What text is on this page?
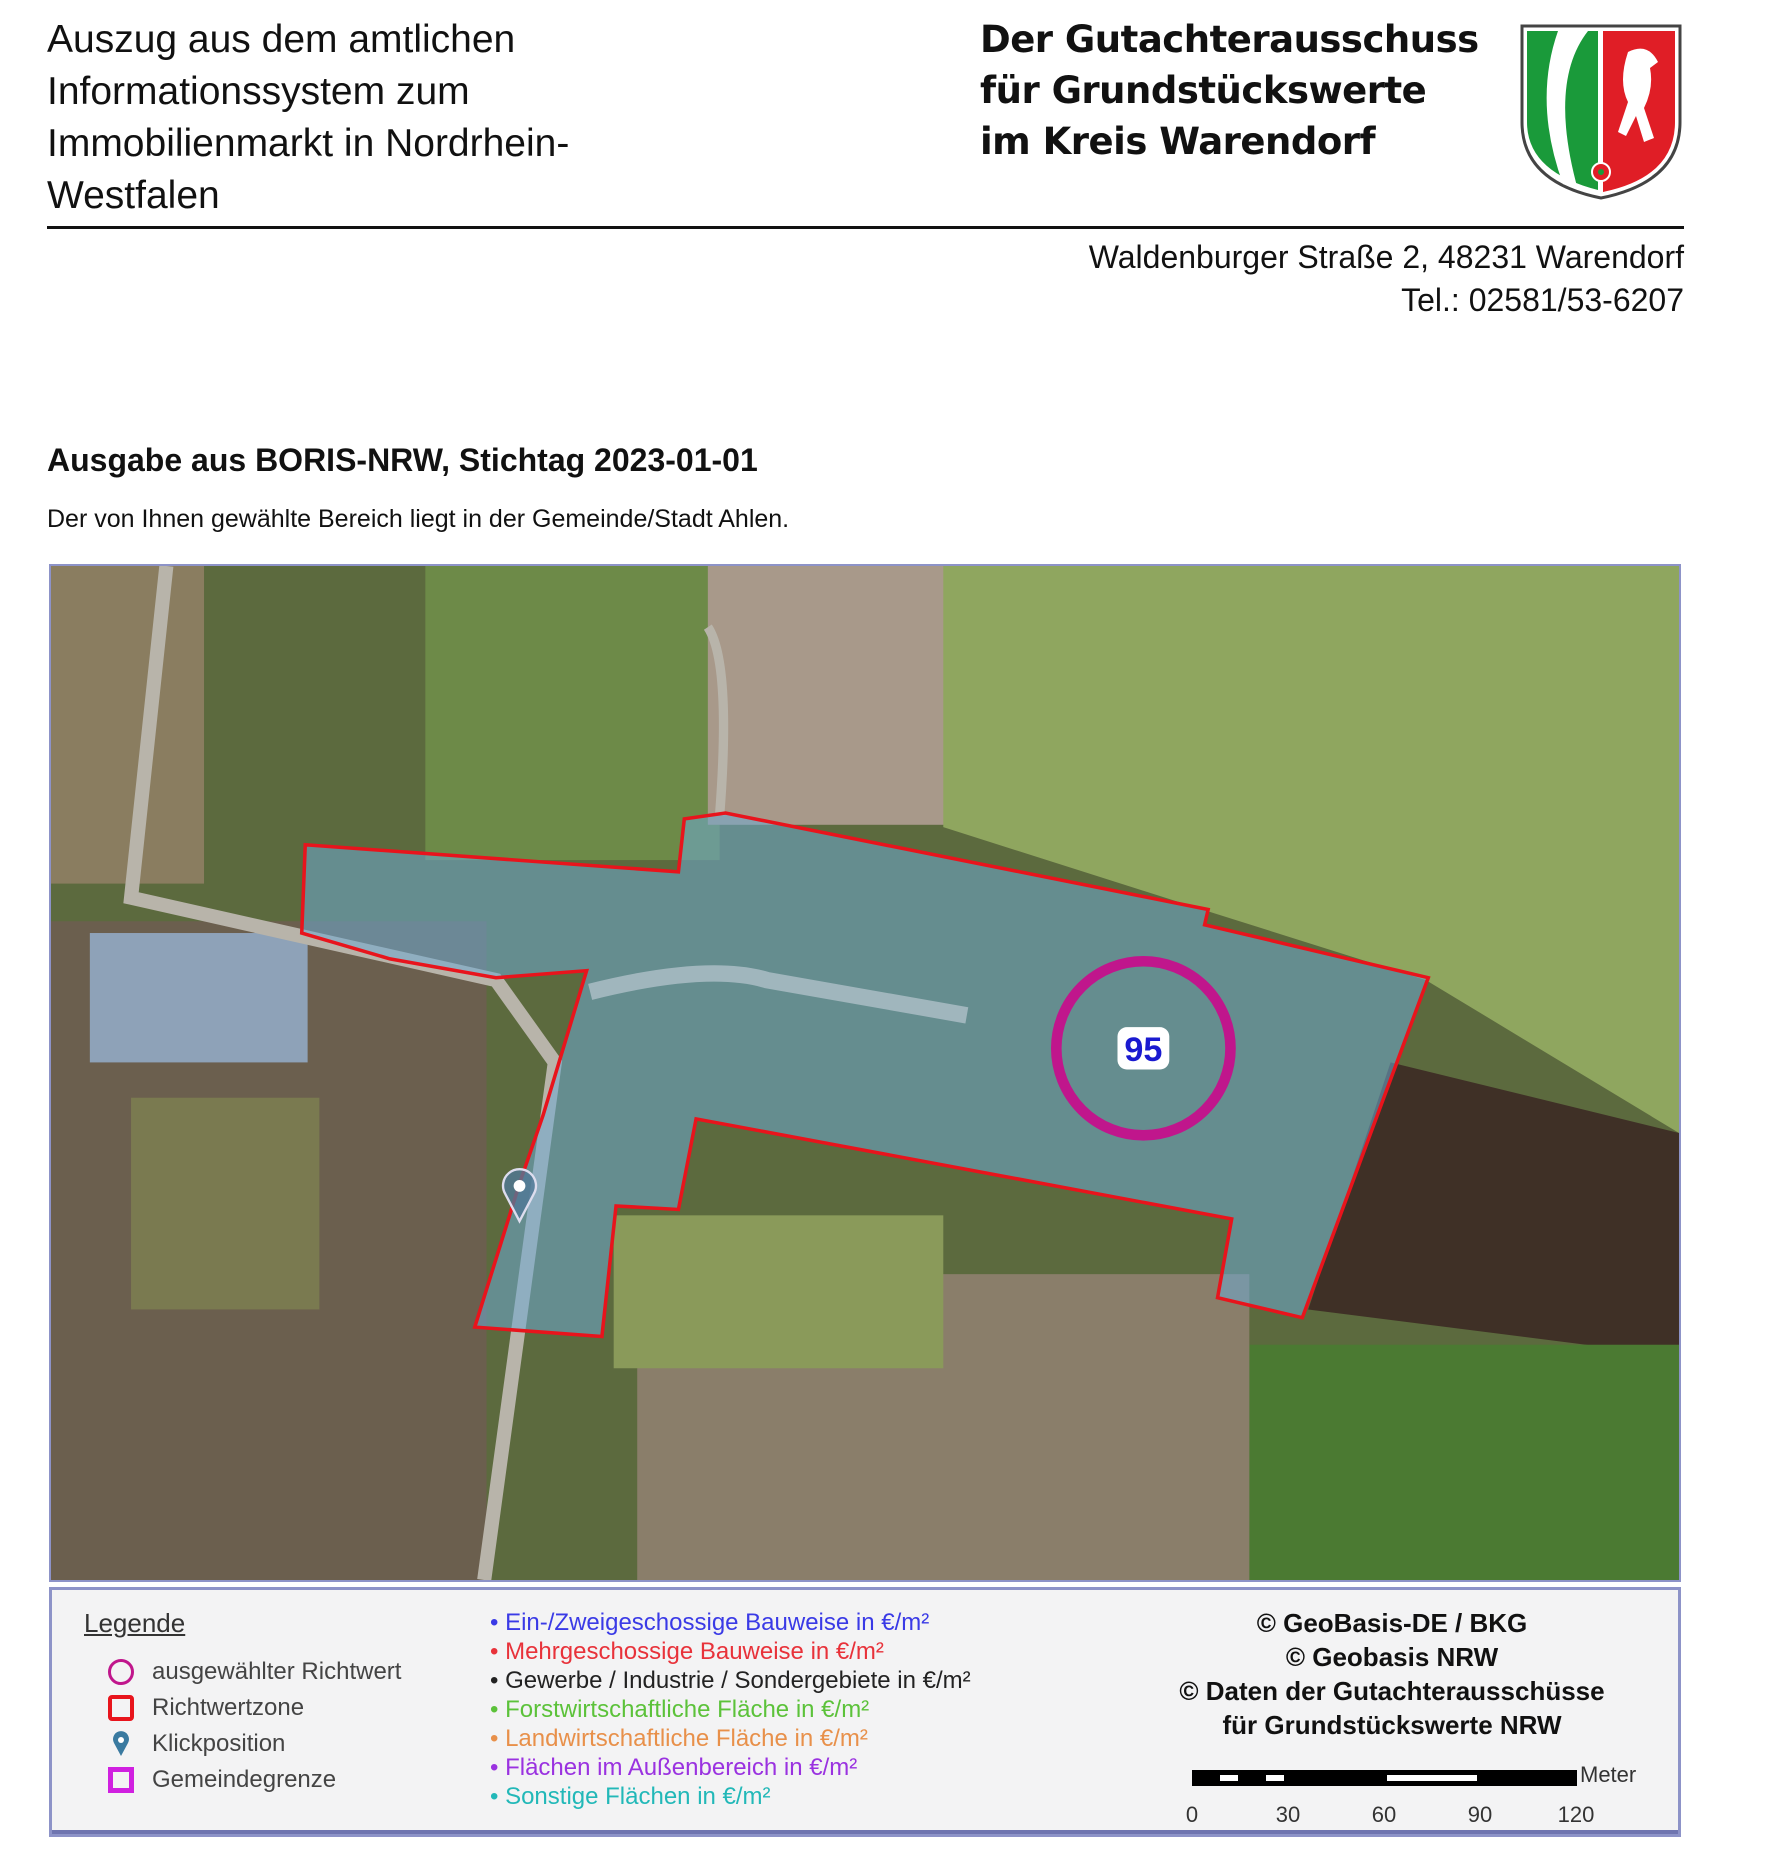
Auszug aus dem amtlichen
Informationssystem zum
Immobilienmarkt in Nordrhein-
Westfalen
Der Gutachterausschuss
für Grundstückswerte
im Kreis Warendorf
Waldenburger Straße 2, 48231 Warendorf
Tel.: 02581/53-6207
Ausgabe aus BORIS-NRW, Stichtag 2023-01-01
Der von Ihnen gewählte Bereich liegt in der Gemeinde/Stadt Ahlen.
95
Legende
ausgewählter Richtwert
Richtwertzone
Klickposition
Gemeindegrenze
• Ein-/Zweigeschossige Bauweise in €/m²
• Mehrgeschossige Bauweise in €/m²
• Gewerbe / Industrie / Sondergebiete in €/m²
• Forstwirtschaftliche Fläche in €/m²
• Landwirtschaftliche Fläche in €/m²
• Flächen im Außenbereich in €/m²
• Sonstige Flächen in €/m²
© GeoBasis-DE / BKG
© Geobasis NRW
© Daten der Gutachterausschüsse
für Grundstückswerte NRW
Meter
0	30	60	90	120
